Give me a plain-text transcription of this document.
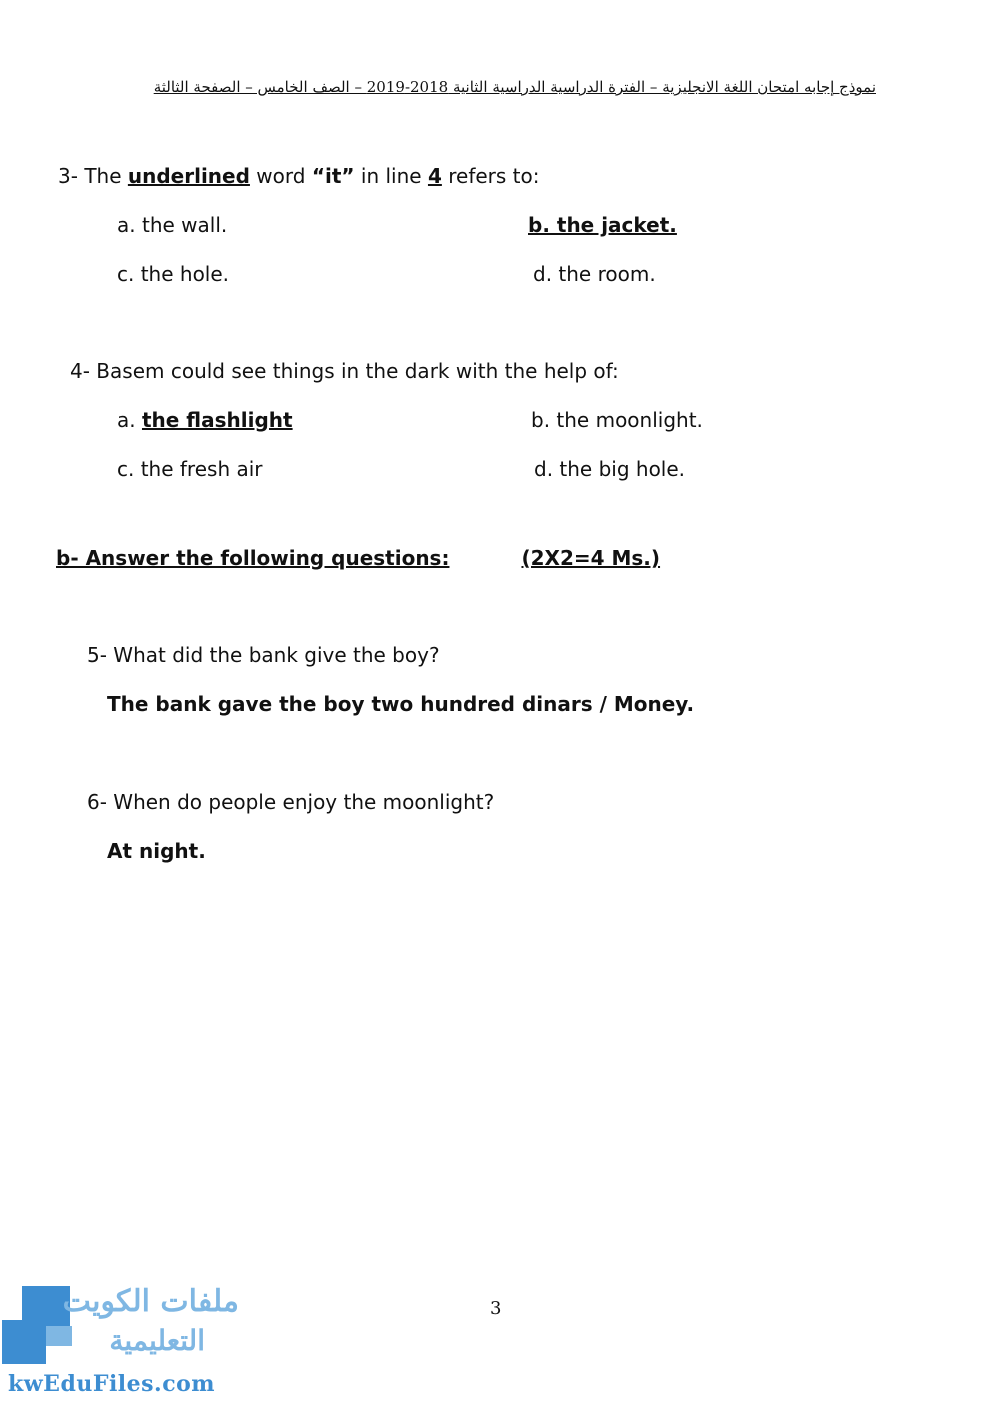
نموذج إجابه امتحان اللغة الانجليزية – الفترة الدراسية الدراسية الثانية 2018-2019 – الصف الخامس – الصفحة الثالثة
3- The underlined word “it” in line 4 refers to:
a. the wall.	b. the jacket.
c. the hole.	d. the room.
4- Basem could see things in the dark with the help of:
a. the flashlight	b. the moonlight.
c. the fresh air	d. the big hole.
b- Answer the following questions:	(2X2=4 Ms.)
5- What did the bank give the boy?
The bank gave the boy two hundred dinars / Money.
6- When do people enjoy the moonlight?
At night.
3
ملفات الكويت
التعليمية
kwEduFiles.com
